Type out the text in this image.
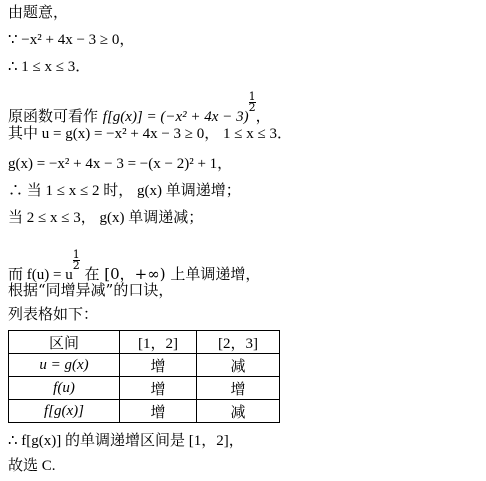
由题意，
∵ −x² + 4x − 3 ≥ 0，
∴ 1 ≤ x ≤ 3．
原函数可看作 f[g(x)] = (−x² + 4x − 3)
$\frac{1}{2}$
，
其中 u = g(x) = −x² + 4x − 3 ≥ 0， 1 ≤ x ≤ 3．
g(x) = −x² + 4x − 3 = −(x − 2)² + 1，
∴ 当 1 ≤ x ≤ 2 时， g(x) 单调递增；
当 2 ≤ x ≤ 3， g(x) 单调递减；
而 f(u) = u
$\frac{1}{2}$
在 [0，+∞) 上单调递增，
根据“同增异减”的口诀，
列表格如下：
区间	[1，2]	[2，3]
u = g(x)	增	减
f(u)	增	增
f[g(x)]	增	减
∴ f[g(x)] 的单调递增区间是 [1，2]，
故选 C.
